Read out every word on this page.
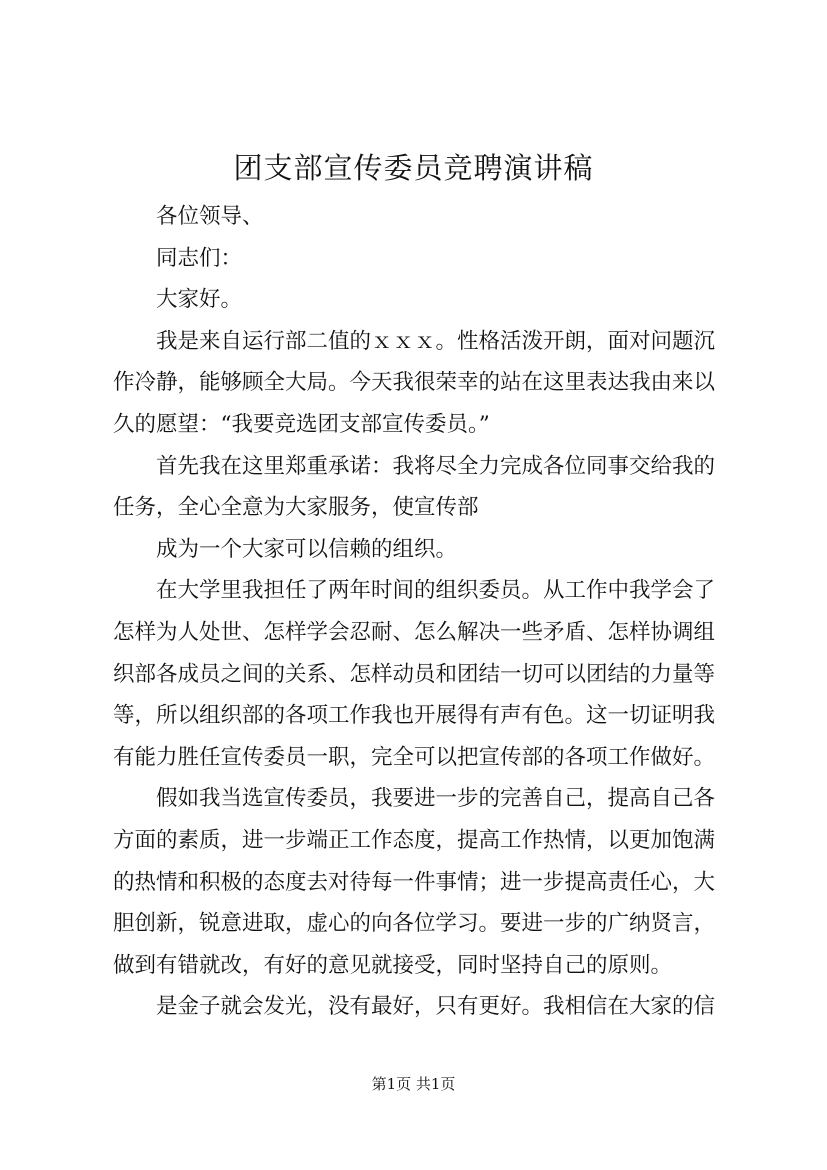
团支部宣传委员竞聘演讲稿

各位领导、

同志们：

大家好。

我是来自运行部二值的ｘｘｘ。性格活泼开朗，面对问题沉

作冷静，能够顾全大局。今天我很荣幸的站在这里表达我由来以

久的愿望：“我要竞选团支部宣传委员。”

首先我在这里郑重承诺：我将尽全力完成各位同事交给我的

任务，全心全意为大家服务，使宣传部

成为一个大家可以信赖的组织。

在大学里我担任了两年时间的组织委员。从工作中我学会了

怎样为人处世、怎样学会忍耐、怎么解决一些矛盾、怎样协调组

织部各成员之间的关系、怎样动员和团结一切可以团结的力量等

等，所以组织部的各项工作我也开展得有声有色。这一切证明我

有能力胜任宣传委员一职，完全可以把宣传部的各项工作做好。

假如我当选宣传委员，我要进一步的完善自己，提高自己各

方面的素质，进一步端正工作态度，提高工作热情，以更加饱满

的热情和积极的态度去对待每一件事情；进一步提高责任心，大

胆创新，锐意进取，虚心的向各位学习。要进一步的广纳贤言，

做到有错就改，有好的意见就接受，同时坚持自己的原则。

是金子就会发光，没有最好，只有更好。我相信在大家的信

第1页 共1页
